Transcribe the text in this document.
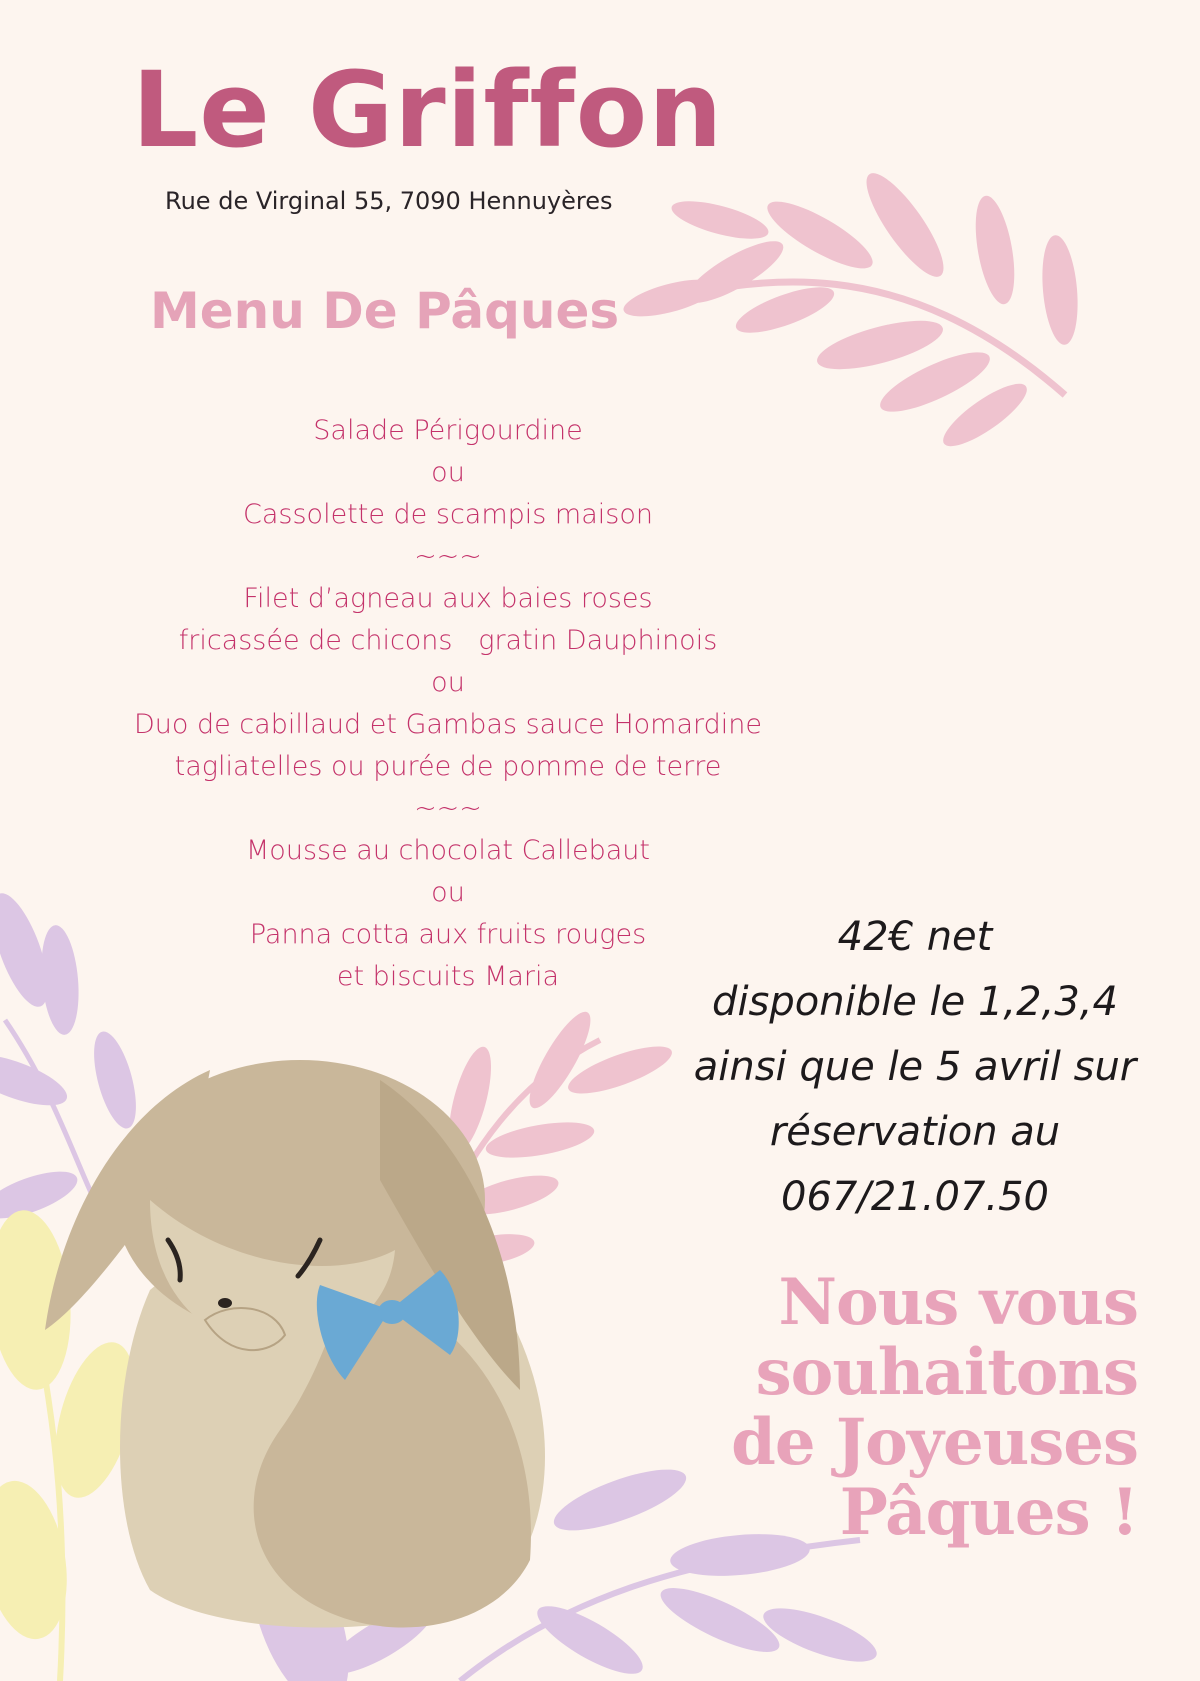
Le Griffon
Rue de Virginal 55, 7090 Hennuyères
Menu De Pâques
Salade Périgourdine
ou
Cassolette de scampis maison
~~~
Filet d’agneau aux baies roses
fricassée de chicons   gratin Dauphinois
ou
Duo de cabillaud et Gambas sauce Homardine
tagliatelles ou purée de pomme de terre
~~~
Mousse au chocolat Callebaut
ou
Panna cotta aux fruits rouges
et biscuits Maria
42€ net
disponible le 1,2,3,4
ainsi que le 5 avril sur
réservation au
067/21.07.50
Nous vous
souhaitons
de Joyeuses
Pâques !
